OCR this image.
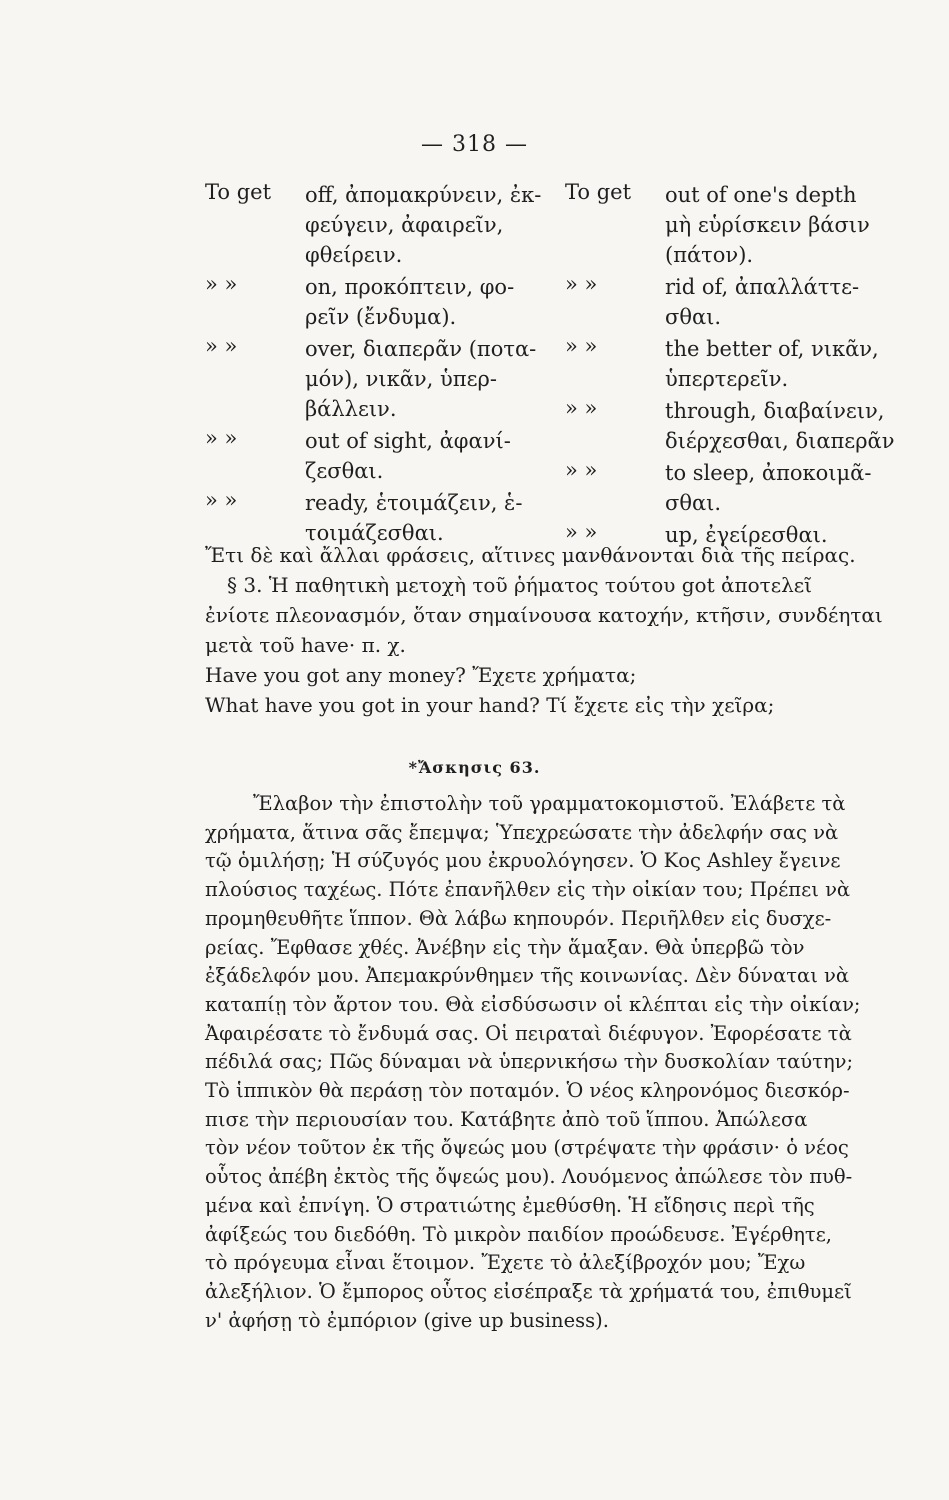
— 318 —
To get	off, ἀπομακρύνειν, ἐκ-
φεύγειν, ἀφαιρεῖν,
φθείρειν.
» »	on, προκόπτειν, φο-
ρεῖν (ἔνδυμα).
» »	over, διαπερᾶν (ποτα-
μόν), νικᾶν, ὑπερ-
βάλλειν.
» »	out of sight, ἀφανί-
ζεσθαι.
» »	ready, ἑτοιμάζειν, ἑ-
τοιμάζεσθαι.
To get	out of one's depth
μὴ εὑρίσκειν βάσιν
(πάτον).
» »	rid of, ἀπαλλάττε-
σθαι.
» »	the better of, νικᾶν,
ὑπερτερεῖν.
» »	through, διαβαίνειν,
διέρχεσθαι, διαπερᾶν
» »	to sleep, ἀποκοιμᾶ-
σθαι.
» »	up, ἐγείρεσθαι.
Ἔτι δὲ καὶ ἄλλαι φράσεις, αἵτινες μανθάνονται διὰ τῆς πείρας.
§ 3. Ἡ παθητικὴ μετοχὴ τοῦ ῥήματος τούτου got ἀποτελεῖ
ἐνίοτε πλεονασμόν, ὅταν σημαίνουσα κατοχήν, κτῆσιν, συνδέηται
μετὰ τοῦ have· π. χ.
Have you got any money? Ἔχετε χρήματα;
What have you got in your hand? Τί ἔχετε εἰς τὴν χεῖρα;
*Ἄσκησις 63.
Ἔλαβον τὴν ἐπιστολὴν τοῦ γραμματοκομιστοῦ. Ἐλάβετε τὰ
χρήματα, ἅτινα σᾶς ἔπεμψα; Ὑπεχρεώσατε τὴν ἀδελφήν σας νὰ
τῷ ὁμιλήσῃ; Ἡ σύζυγός μου ἐκρυολόγησεν. Ὁ Κος Ashley ἔγεινε
πλούσιος ταχέως. Πότε ἐπανῆλθεν εἰς τὴν οἰκίαν του; Πρέπει νὰ
προμηθευθῆτε ἵππον. Θὰ λάβω κηπουρόν. Περιῆλθεν εἰς δυσχε-
ρείας. Ἔφθασε χθές. Ἀνέβην εἰς τὴν ἅμαξαν. Θὰ ὑπερβῶ τὸν
ἐξάδελφόν μου. Ἀπεμακρύνθημεν τῆς κοινωνίας. Δὲν δύναται νὰ
καταπίῃ τὸν ἄρτον του. Θὰ εἰσδύσωσιν οἱ κλέπται εἰς τὴν οἰκίαν;
Ἀφαιρέσατε τὸ ἔνδυμά σας. Οἱ πειραταὶ διέφυγον. Ἐφορέσατε τὰ
πέδιλά σας; Πῶς δύναμαι νὰ ὑπερνικήσω τὴν δυσκολίαν ταύτην;
Τὸ ἱππικὸν θὰ περάσῃ τὸν ποταμόν. Ὁ νέος κληρονόμος διεσκόρ-
πισε τὴν περιουσίαν του. Κατάβητε ἀπὸ τοῦ ἵππου. Ἀπώλεσα
τὸν νέον τοῦτον ἐκ τῆς ὄψεώς μου (στρέψατε τὴν φράσιν· ὁ νέος
οὗτος ἀπέβη ἐκτὸς τῆς ὄψεώς μου). Λουόμενος ἀπώλεσε τὸν πυθ-
μένα καὶ ἐπνίγη. Ὁ στρατιώτης ἐμεθύσθη. Ἡ εἴδησις περὶ τῆς
ἀφίξεώς του διεδόθη. Τὸ μικρὸν παιδίον προώδευσε. Ἐγέρθητε,
τὸ πρόγευμα εἶναι ἕτοιμον. Ἔχετε τὸ ἀλεξίβροχόν μου; Ἔχω
ἀλεξήλιον. Ὁ ἔμπορος οὗτος εἰσέπραξε τὰ χρήματά του, ἐπιθυμεῖ
ν' ἀφήσῃ τὸ ἐμπόριον (give up business).
